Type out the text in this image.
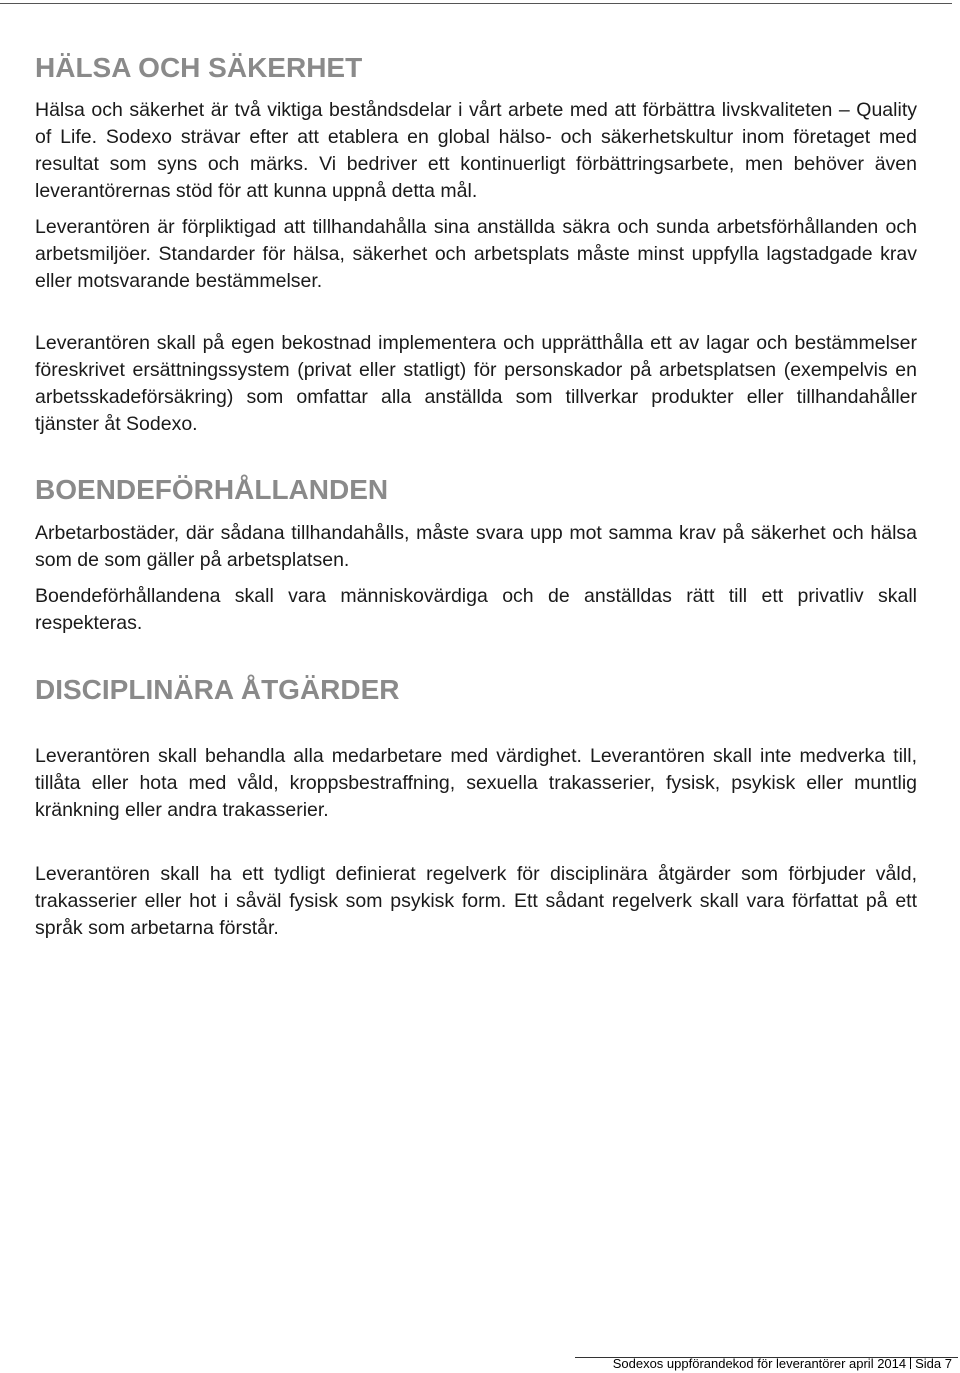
HÄLSA OCH SÄKERHET

Hälsa och säkerhet är två viktiga beståndsdelar i vårt arbete med att förbättra livskvaliteten – Quality of Life. Sodexo strävar efter att etablera en global hälso- och säkerhetskultur inom företaget med resultat som syns och märks. Vi bedriver ett kontinuerligt förbättringsarbete, men behöver även leverantörernas stöd för att kunna uppnå detta mål.

Leverantören är förpliktigad att tillhandahålla sina anställda säkra och sunda arbetsförhållanden och arbetsmiljöer. Standarder för hälsa, säkerhet och arbetsplats måste minst uppfylla lagstadgade krav eller motsvarande bestämmelser.

Leverantören skall på egen bekostnad implementera och upprätthålla ett av lagar och bestämmelser föreskrivet ersättningssystem (privat eller statligt) för personskador på arbetsplatsen (exempelvis en arbetsskadeförsäkring) som omfattar alla anställda som tillverkar produkter eller tillhandahåller tjänster åt Sodexo.

BOENDEFÖRHÅLLANDEN

Arbetarbostäder, där sådana tillhandahålls, måste svara upp mot samma krav på säkerhet och hälsa som de som gäller på arbetsplatsen.

Boendeförhållandena skall vara människovärdiga och de anställdas rätt till ett privatliv skall respekteras.

DISCIPLINÄRA ÅTGÄRDER

Leverantören skall behandla alla medarbetare med värdighet. Leverantören skall inte medverka till, tillåta eller hota med våld, kroppsbestraffning, sexuella trakasserier, fysisk, psykisk eller muntlig kränkning eller andra trakasserier.

Leverantören skall ha ett tydligt definierat regelverk för disciplinära åtgärder som förbjuder våld, trakasserier eller hot i såväl fysisk som psykisk form. Ett sådant regelverk skall vara författat på ett språk som arbetarna förstår.

Sodexos uppförandekod för leverantörer april 2014 Sida 7
